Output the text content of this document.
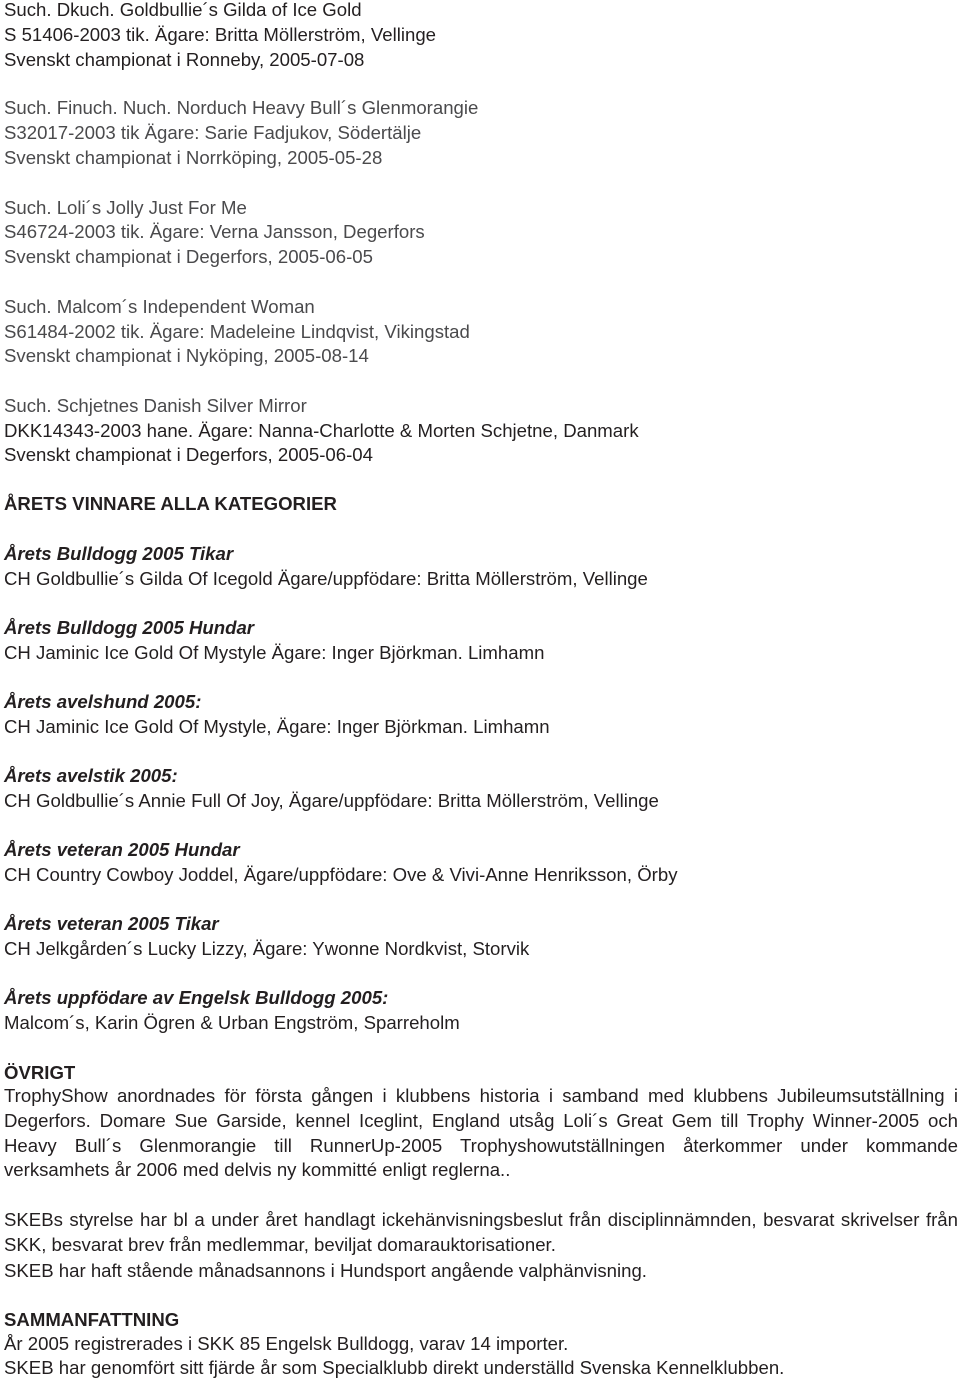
Such. Dkuch. Goldbullie´s Gilda of Ice Gold

S 51406-2003 tik. Ägare: Britta Möllerström, Vellinge

Svenskt championat i Ronneby, 2005-07-08

Such. Finuch. Nuch. Norduch Heavy Bull´s Glenmorangie

S32017-2003 tik Ägare: Sarie Fadjukov, Södertälje

Svenskt championat i Norrköping, 2005-05-28

Such. Loli´s Jolly Just For Me

S46724-2003 tik. Ägare: Verna Jansson, Degerfors

Svenskt championat i Degerfors, 2005-06-05

Such. Malcom´s Independent Woman

S61484-2002 tik. Ägare: Madeleine Lindqvist, Vikingstad

Svenskt championat i Nyköping, 2005-08-14

Such. Schjetnes Danish Silver Mirror

DKK14343-2003 hane. Ägare: Nanna-Charlotte & Morten Schjetne, Danmark

Svenskt championat i Degerfors, 2005-06-04

ÅRETS VINNARE ALLA KATEGORIER

Årets Bulldogg 2005 Tikar

CH Goldbullie´s Gilda Of Icegold Ägare/uppfödare: Britta Möllerström, Vellinge

Årets Bulldogg 2005 Hundar

CH Jaminic Ice Gold Of Mystyle Ägare: Inger Björkman. Limhamn

Årets avelshund 2005:

CH Jaminic Ice Gold Of Mystyle, Ägare: Inger Björkman. Limhamn

Årets avelstik 2005:

CH Goldbullie´s Annie Full Of Joy, Ägare/uppfödare: Britta Möllerström, Vellinge

Årets veteran 2005 Hundar

CH Country Cowboy Joddel, Ägare/uppfödare: Ove & Vivi-Anne Henriksson, Örby

Årets veteran 2005 Tikar

CH Jelkgården´s Lucky Lizzy, Ägare: Ywonne Nordkvist, Storvik

Årets uppfödare av Engelsk Bulldogg 2005:

Malcom´s, Karin Ögren & Urban Engström, Sparreholm

ÖVRIGT

TrophyShow anordnades för första gången i klubbens historia i samband med klubbens Jubileumsutställning i Degerfors. Domare Sue Garside, kennel Iceglint, England utsåg Loli´s Great Gem till Trophy Winner-2005 och Heavy Bull´s Glenmorangie till RunnerUp-2005 Trophyshowutställningen återkommer under kommande verksamhets år 2006 med delvis ny kommitté enligt reglerna..

SKEBs styrelse har bl a under året handlagt ickehänvisningsbeslut från disciplinnämnden, besvarat skrivelser från SKK, besvarat brev från medlemmar, beviljat domarauktorisationer.

SKEB har haft stående månadsannons i Hundsport angående valphänvisning.

SAMMANFATTNING

År 2005 registrerades i SKK 85 Engelsk Bulldogg, varav 14 importer.

SKEB har genomfört sitt fjärde år som Specialklubb direkt underställd Svenska Kennelklubben.
